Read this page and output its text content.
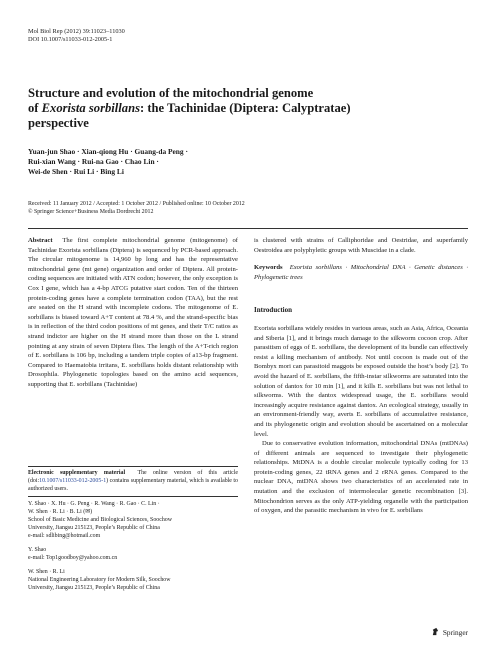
Mol Biol Rep (2012) 39:11023–11030
DOI 10.1007/s11033-012-2005-1
Structure and evolution of the mitochondrial genome
of Exorista sorbillans: the Tachinidae (Diptera: Calyptratae)
perspective
Yuan-jun Shao · Xian-qiong Hu · Guang-da Peng ·
Rui-xian Wang · Rui-na Gao · Chao Lin ·
Wei-de Shen · Rui Li · Bing Li
Received: 11 January 2012 / Accepted: 1 October 2012 / Published online: 10 October 2012
© Springer Science+Business Media Dordrecht 2012

Abstract The first complete mitochondrial genome (mitogenome) of Tachinidae Exorista sorbillans (Diptera) is sequenced by PCR-based approach. The circular mitogenome is 14,960 bp long and has the representative mitochondrial gene (mt gene) organization and order of Diptera. All protein-coding sequences are initiated with ATN codon; however, the only exception is Cox I gene, which has a 4-bp ATCG putative start codon. Ten of the thirteen protein-coding genes have a complete termination codon (TAA), but the rest are seated on the H strand with incomplete codons. The mitogenome of E. sorbillans is biased toward A+T content at 78.4 %, and the strand-specific bias is in reflection of the third codon positions of mt genes, and their T/C ratios as strand indictor are higher on the H strand more than those on the L strand pointing at any strain of seven Diptera flies. The length of the A+T-rich region of E. sorbillans is 106 bp, including a tandem triple copies of a13-bp fragment. Compared to Haematobia irritans, E. sorbillans holds distant relationship with Drosophila. Phylogenetic topologies based on the amino acid sequences, supporting that E. sorbillans (Tachinidae)

Electronic supplementary material The online version of this article (doi:10.1007/s11033-012-2005-1) contains supplementary material, which is available to authorized users.
Y. Shao · X. Hu · G. Peng · R. Wang · R. Gao · C. Lin ·
W. Shen · R. Li · B. Li (✉)
School of Basic Medicine and Biological Sciences, Soochow
University, Jiangsu 215123, People’s Republic of China
e-mail: sdlibing@hotmail.com
Y. Shao
e-mail: Top1goodboy@yahoo.com.cn
W. Shen · R. Li
National Engineering Laboratory for Modern Silk, Soochow
University, Jiangsu 215123, People’s Republic of China

is clustered with strains of Calliphoridae and Oestridae, and superfamily Oestroidea are polyphyletic groups with Muscidae in a clade.

Keywords Exorista sorbillans · Mitochondrial DNA · Genetic distances · Phylogenetic trees

Introduction

Exorista sorbillans widely resides in various areas, such as Asia, Africa, Oceania and Siberia [1], and it brings much damage to the silkworm cocoon crop. After parasitism of eggs of E. sorbillans, the development of its bundle can effectively resist a killing mechanism of antibody. Not until cocoon is made out of the Bombyx mori can parasitoid maggots be exposed outside the host’s body [2]. To avoid the hazard of E. sorbillans, the fifth-instar silkworms are saturated into the solution of dantox for 10 min [1], and it kills E. sorbillans but was not lethal to silkworms. With the dantox widespread usage, the E. sorbillans would increasingly acquire resistance against dantox. An ecological strategy, usually in an environment-friendly way, averts E. sorbillans of accumulative resistance, and its phylogenetic origin and evolution should be ascertained on a molecular level.

Due to conservative evolution information, mitochondrial DNAs (mtDNAs) of different animals are sequenced to investigate their phylogenetic relationships. MtDNA is a double circular molecule typically coding for 13 protein-coding genes, 22 tRNA genes and 2 rRNA genes. Compared to the nuclear DNA, mtDNA shows two characteristics of an accelerated rate in mutation and the exclusion of intermolecular genetic recombination [3]. Mitochondrion serves as the only ATP-yielding organelle with the participation of oxygen, and the parasitic mechanism in vivo for E. sorbillans

Springer
